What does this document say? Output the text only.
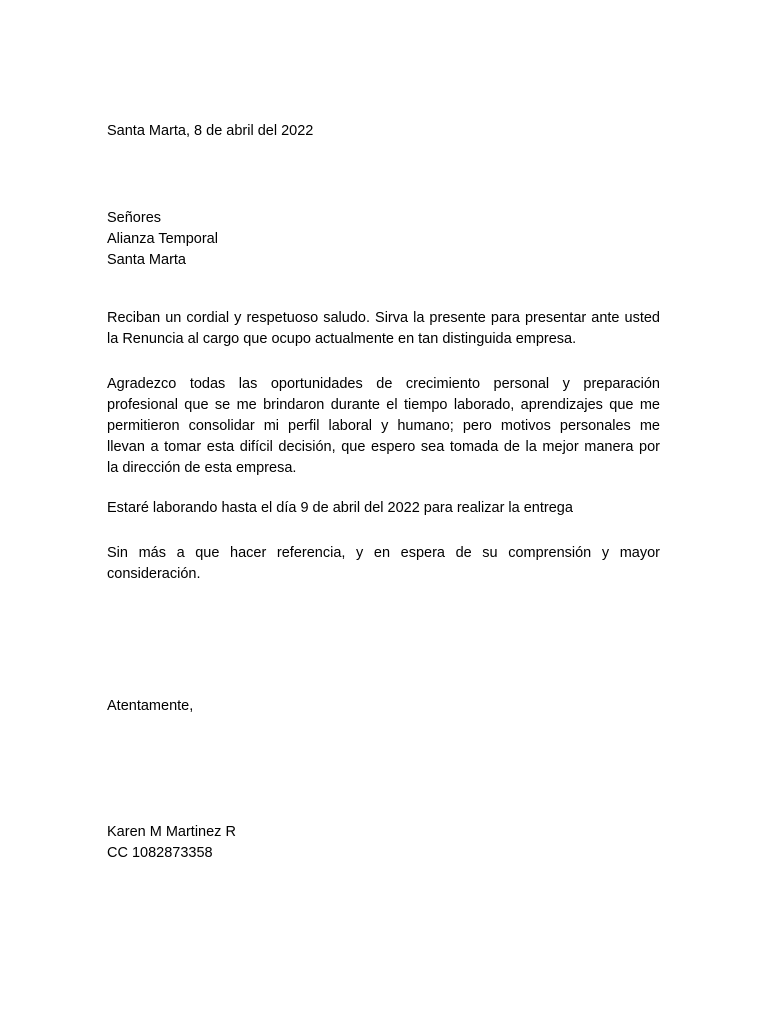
Santa Marta, 8 de abril del 2022
Señores
Alianza Temporal
Santa Marta
Reciban un cordial y respetuoso saludo. Sirva la presente para presentar ante usted
la Renuncia al cargo que ocupo actualmente en tan distinguida empresa.
Agradezco todas las oportunidades de crecimiento personal y preparación
profesional que se me brindaron durante el tiempo laborado, aprendizajes que me
permitieron consolidar mi perfil laboral y humano; pero motivos personales me
llevan a tomar esta difícil decisión, que espero sea tomada de la mejor manera por
la dirección de esta empresa.
Estaré laborando hasta el día 9 de abril del 2022 para realizar la entrega
Sin más a que hacer referencia, y en espera de su comprensión y mayor
consideración.
Atentamente,
Karen M Martinez R
CC 1082873358
